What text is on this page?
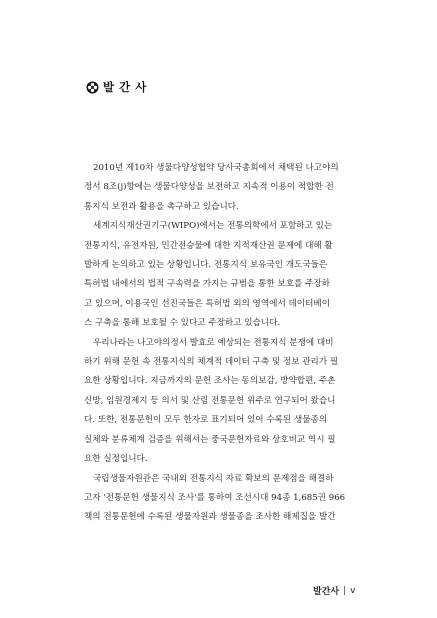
발 간 사

2010년 제10차 생물다양성협약 당사국총회에서 채택된 나고야의
정서 8조(j)항에는 생물다양성을 보전하고 지속적 이용이 적합한 전
통지식 보전과 활용을 촉구하고 있습니다.

세계지식재산권기구(WIPO)에서는 전통의학에서 포함하고 있는
전통지식, 유전자원, 민간전승물에 대한 지적재산권 문제에 대해 활
발하게 논의하고 있는 상황입니다. 전통지식 보유국인 개도국들은
특허법 내에서의 법적 구속력을 가지는 규범을 통한 보호를 주장하
고 있으며, 이용국인 선진국들은 특허법 외의 영역에서 데이터베이
스 구축을 통해 보호될 수 있다고 주장하고 있습니다.

우리나라는 나고야의정서 발효로 예상되는 전통지식 분쟁에 대비
하기 위해 문헌 속 전통지식의 체계적 데이터 구축 및 정보 관리가 필
요한 상황입니다. 지금까지의 문헌 조사는 동의보감, 방약합편, 주촌
신방, 임원경제지 등 의서 및 산림 전통문헌 위주로 연구되어 왔습니
다. 또한, 전통문헌이 모두 한자로 표기되어 있어 수록된 생물종의
실체와 분류체계 검증을 위해서는 중국문헌자료와 상호비교 역시 필
요한 실정입니다.

국립생물자원관은 국내외 전통지식 자료 확보의 문제점을 해결하
고자 '전통문헌 생물지식 조사'를 통하여 조선시대 94종 1,685권 966
책의 전통문헌에 수록된 생물자원과 생물종을 조사한 해제집을 발간

발간사 | v
